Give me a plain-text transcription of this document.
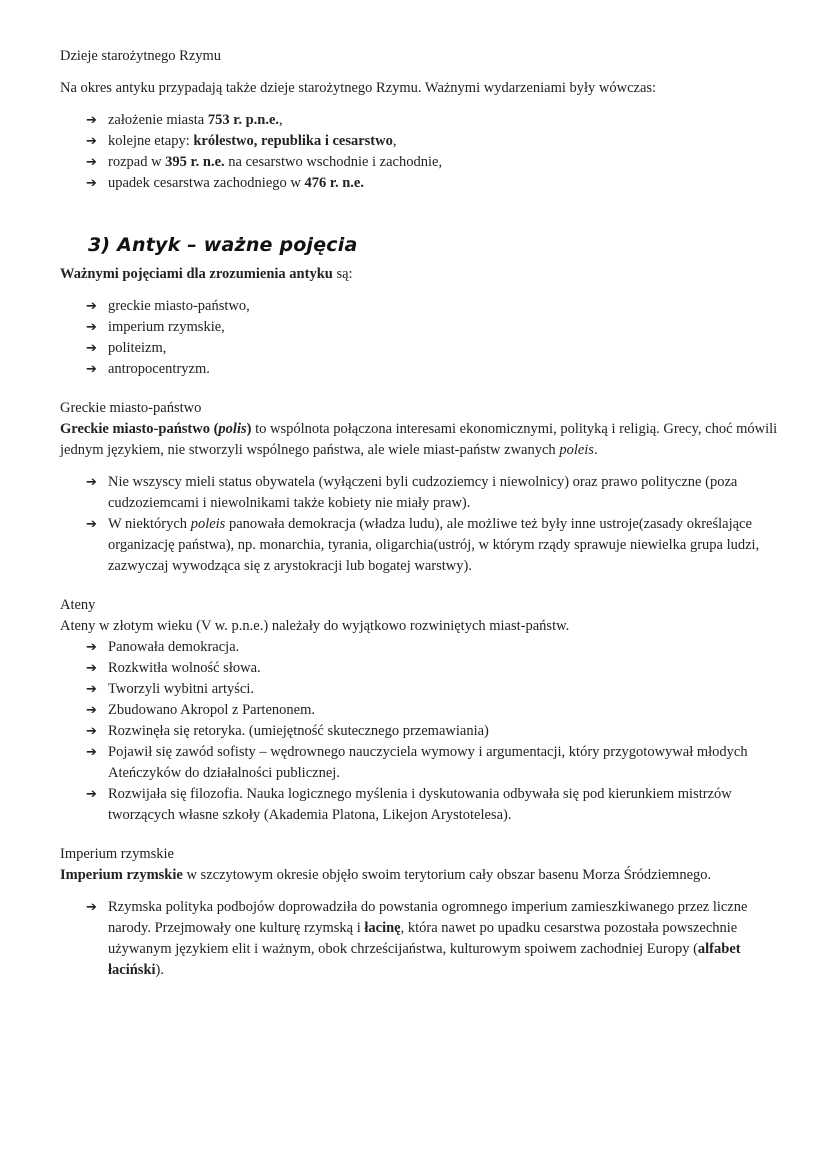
Dzieje starożytnego Rzymu

Na okres antyku przypadają także dzieje starożytnego Rzymu. Ważnymi wydarzeniami były wówczas:

➔ założenie miasta 753 r. p.n.e.,
➔ kolejne etapy: królestwo, republika i cesarstwo,
➔ rozpad w 395 r. n.e. na cesarstwo wschodnie i zachodnie,
➔ upadek cesarstwa zachodniego w 476 r. n.e.
3) Antyk – ważne pojęcia

Ważnymi pojęciami dla zrozumienia antyku są:

➔ greckie miasto-państwo,
➔ imperium rzymskie,
➔ politeizm,
➔ antropocentryzm.

Greckie miasto-państwo

Greckie miasto-państwo (polis) to wspólnota połączona interesami ekonomicznymi, polityką i religią. Grecy, choć mówili jednym językiem, nie stworzyli wspólnego państwa, ale wiele miast-państw zwanych poleis.

➔ Nie wszyscy mieli status obywatela (wyłączeni byli cudzoziemcy i niewolnicy) oraz prawo polityczne (poza cudzoziemcami i niewolnikami także kobiety nie miały praw).
➔ W niektórych poleis panowała demokracja (władza ludu), ale możliwe też były inne ustroje(zasady określające organizację państwa), np. monarchia, tyrania, oligarchia(ustrój, w którym rządy sprawuje niewielka grupa ludzi, zazwyczaj wywodząca się z arystokracji lub bogatej warstwy).

Ateny

Ateny w złotym wieku (V w. p.n.e.) należały do wyjątkowo rozwiniętych miast-państw.

➔ Panowała demokracja.
➔ Rozkwitła wolność słowa.
➔ Tworzyli wybitni artyści.
➔ Zbudowano Akropol z Partenonem.
➔ Rozwinęła się retoryka. (umiejętność skutecznego przemawiania)
➔ Pojawił się zawód sofisty – wędrownego nauczyciela wymowy i argumentacji, który przygotowywał młodych Ateńczyków do działalności publicznej.
➔ Rozwijała się filozofia. Nauka logicznego myślenia i dyskutowania odbywała się pod kierunkiem mistrzów tworzących własne szkoły (Akademia Platona, Likejon Arystotelesa).

Imperium rzymskie

Imperium rzymskie w szczytowym okresie objęło swoim terytorium cały obszar basenu Morza Śródziemnego.

➔ Rzymska polityka podbojów doprowadziła do powstania ogromnego imperium zamieszkiwanego przez liczne narody. Przejmowały one kulturę rzymską i łacinę, która nawet po upadku cesarstwa pozostała powszechnie używanym językiem elit i ważnym, obok chrześcijaństwa, kulturowym spoiwem zachodniej Europy (alfabet łaciński).
